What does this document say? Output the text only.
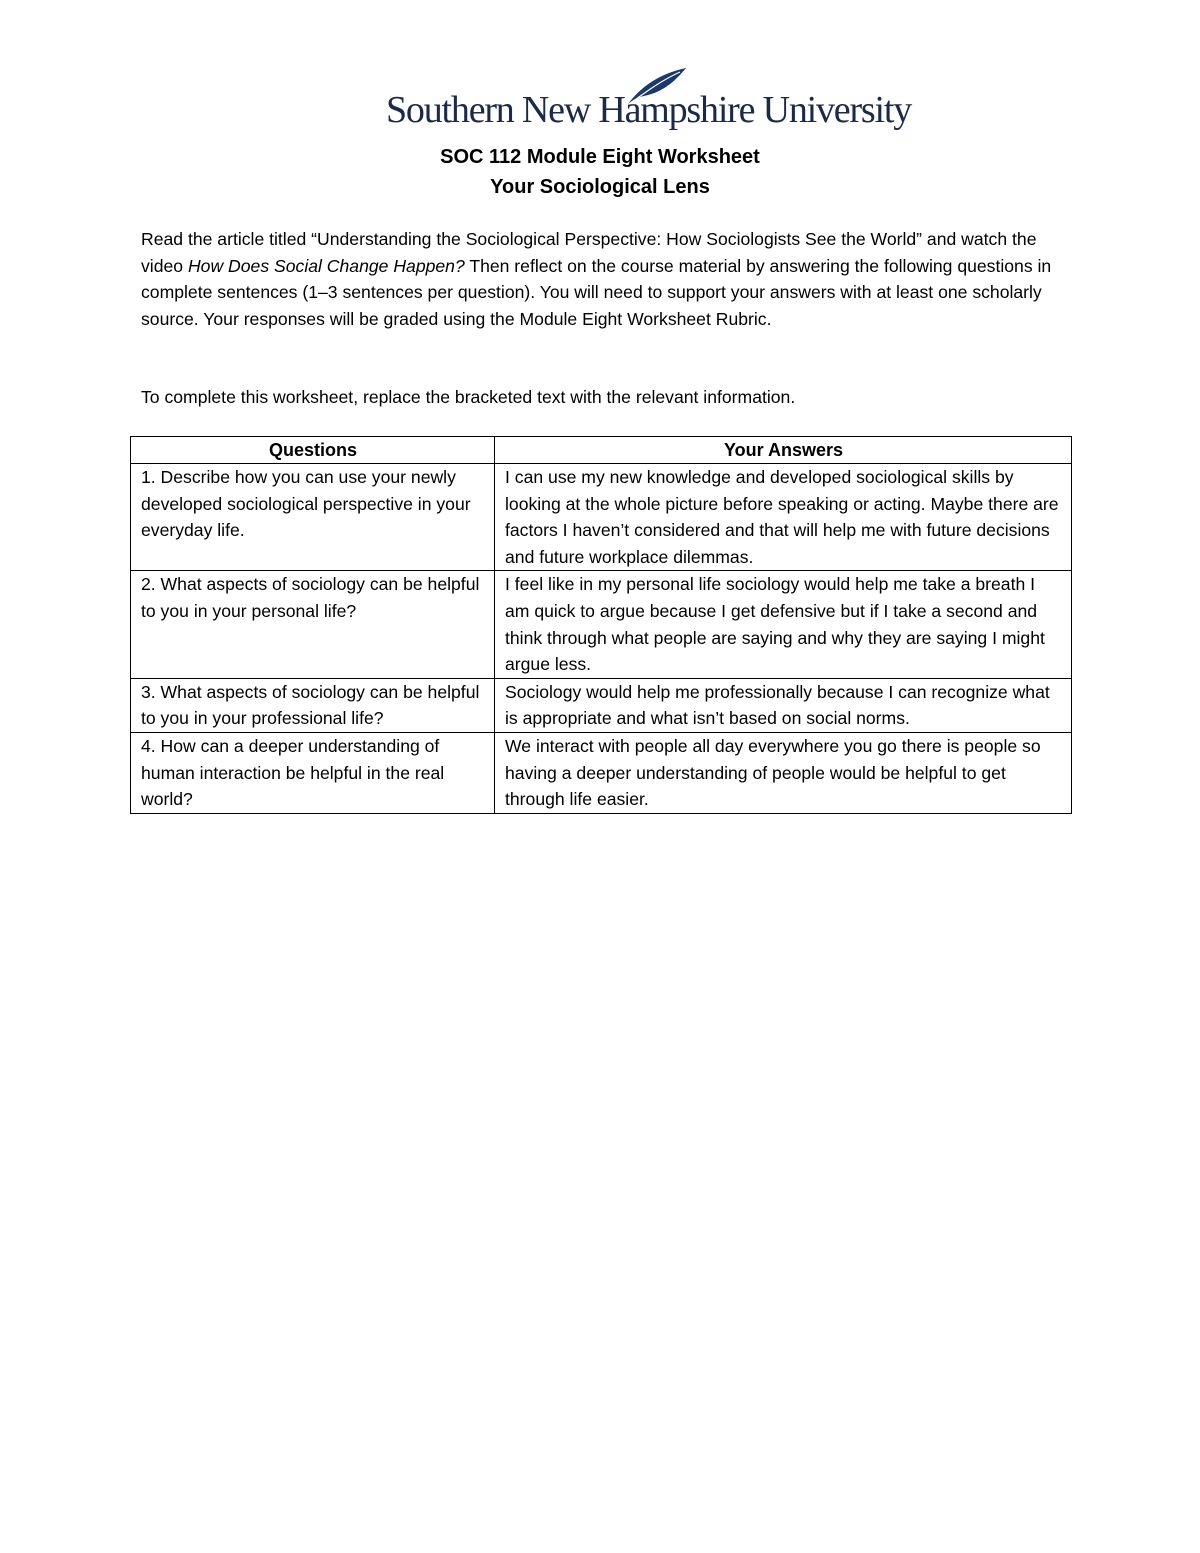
Southern New Hampshire University
SOC 112 Module Eight Worksheet
Your Sociological Lens

Read the article titled “Understanding the Sociological Perspective: How Sociologists See the World” and watch the video How Does Social Change Happen? Then reflect on the course material by answering the following questions in complete sentences (1–3 sentences per question). You will need to support your answers with at least one scholarly source. Your responses will be graded using the Module Eight Worksheet Rubric.

To complete this worksheet, replace the bracketed text with the relevant information.

Questions	Your Answers
1. Describe how you can use your newly developed sociological perspective in your everyday life.	I can use my new knowledge and developed sociological skills by looking at the whole picture before speaking or acting. Maybe there are factors I haven’t considered and that will help me with future decisions and future workplace dilemmas.
2. What aspects of sociology can be helpful to you in your personal life?	I feel like in my personal life sociology would help me take a breath I am quick to argue because I get defensive but if I take a second and think through what people are saying and why they are saying I might argue less.
3. What aspects of sociology can be helpful to you in your professional life?	Sociology would help me professionally because I can recognize what is appropriate and what isn’t based on social norms.
4. How can a deeper understanding of human interaction be helpful in the real world?	We interact with people all day everywhere you go there is people so having a deeper understanding of people would be helpful to get through life easier.
